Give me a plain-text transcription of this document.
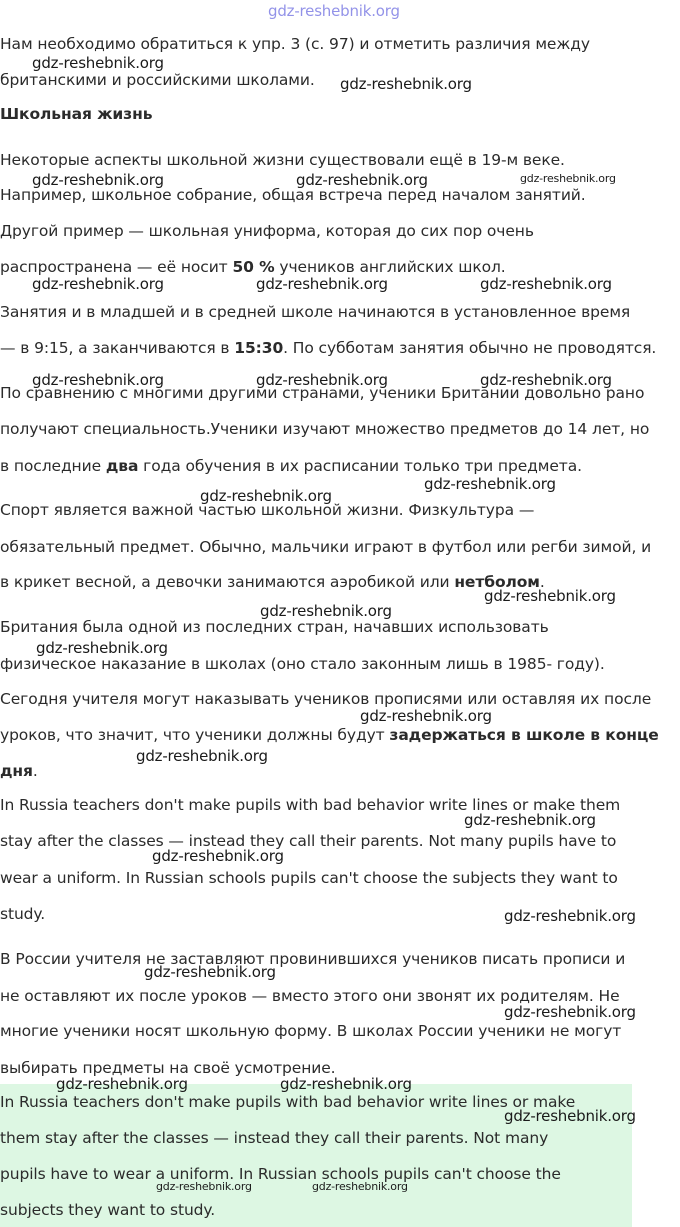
gdz-reshebnik.org
Нам необходимо обратиться к упр. 3 (с. 97) и отметить различия между
британскими и российскими школами.
Школьная жизнь
Некоторые аспекты школьной жизни существовали ещё в 19-м веке.
Например, школьное собрание, общая встреча перед началом занятий.
Другой пример — школьная униформа, которая до сих пор очень
распространена — её носит 50 % учеников английских школ.
Занятия и в младшей и в средней школе начинаются в установленное время
— в 9:15, а заканчиваются в 15:30. По субботам занятия обычно не проводятся.
По сравнению с многими другими странами, ученики Британии довольно рано
получают специальность.Ученики изучают множество предметов до 14 лет, но
в последние два года обучения в их расписании только три предмета.
Спорт является важной частью школьной жизни. Физкультура —
обязательный предмет. Обычно, мальчики играют в футбол или регби зимой, и
в крикет весной, а девочки занимаются аэробикой или нетболом.
Британия была одной из последних стран, начавших использовать
физическое наказание в школах (оно стало законным лишь в 1985- году).
Сегодня учителя могут наказывать учеников прописями или оставляя их после
уроков, что значит, что ученики должны будут задержаться в школе в конце
дня.
In Russia teachers don't make pupils with bad behavior write lines or make them
stay after the classes — instead they call their parents. Not many pupils have to
wear a uniform. In Russian schools pupils can't choose the subjects they want to
study.
В России учителя не заставляют провинившихся учеников писать прописи и
не оставляют их после уроков — вместо этого они звонят их родителям. Не
многие ученики носят школьную форму. В школах России ученики не могут
выбирать предметы на своё усмотрение.
In Russia teachers don't make pupils with bad behavior write lines or make
them stay after the classes — instead they call their parents. Not many
pupils have to wear a uniform. In Russian schools pupils can't choose the
subjects they want to study.
gdz-reshebnik.org
gdz-reshebnik.org
gdz-reshebnik.org	gdz-reshebnik.org	gdz-reshebnik.org
gdz-reshebnik.org	gdz-reshebnik.org	gdz-reshebnik.org
gdz-reshebnik.org	gdz-reshebnik.org	gdz-reshebnik.org
gdz-reshebnik.org
gdz-reshebnik.org
gdz-reshebnik.org
gdz-reshebnik.org
gdz-reshebnik.org
gdz-reshebnik.org
gdz-reshebnik.org
gdz-reshebnik.org
gdz-reshebnik.org
gdz-reshebnik.org
gdz-reshebnik.org
gdz-reshebnik.org
gdz-reshebnik.org	gdz-reshebnik.org
gdz-reshebnik.org
gdz-reshebnik.org	gdz-reshebnik.org
